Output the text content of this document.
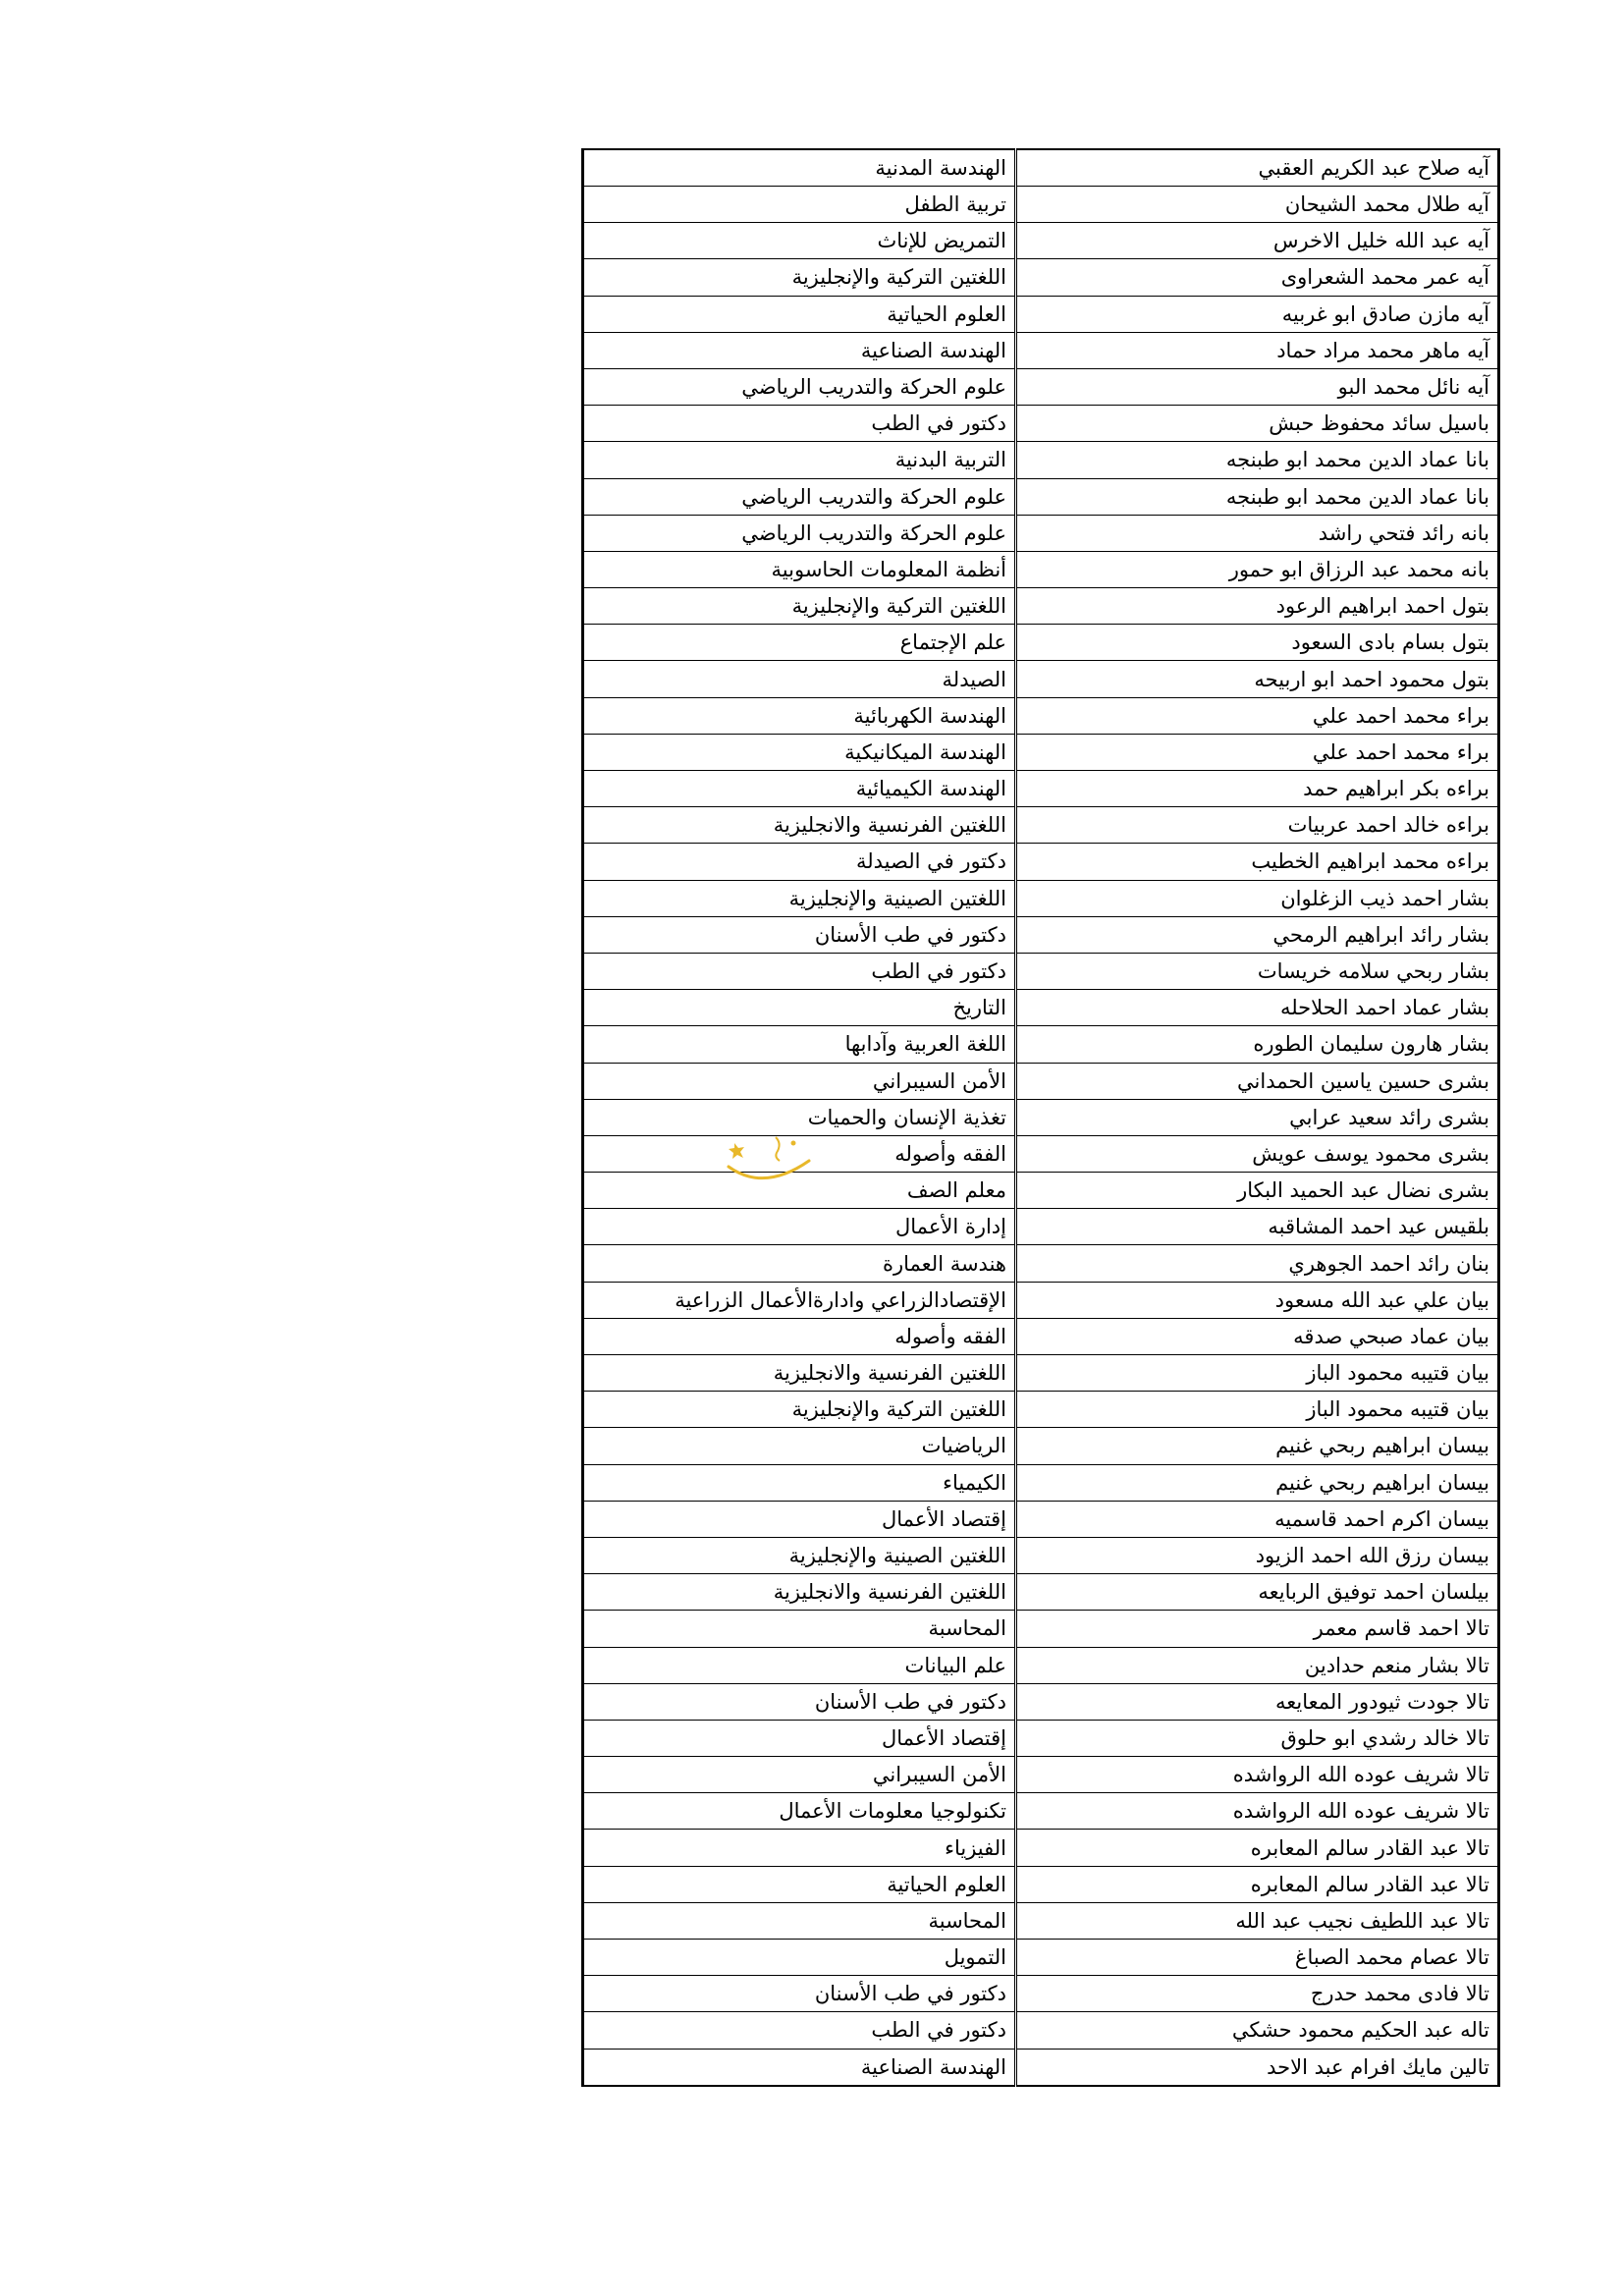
آيه صلاح عبد الكريم العقبي	الهندسة المدنية
آيه طلال محمد الشيحان	تربية الطفل
آيه عبد الله خليل الاخرس	التمريض للإناث
آيه عمر محمد الشعراوى	اللغتين التركية والإنجليزية
آيه مازن صادق ابو غربيه	العلوم الحياتية
آيه ماهر محمد مراد حماد	الهندسة الصناعية
آيه نائل محمد البو	علوم الحركة والتدريب الرياضي
باسيل سائد محفوظ حبش	دكتور في الطب
بانا عماد الدين محمد ابو طبنجه	التربية البدنية
بانا عماد الدين محمد ابو طبنجه	علوم الحركة والتدريب الرياضي
بانه رائد فتحي راشد	علوم الحركة والتدريب الرياضي
بانه محمد عبد الرزاق ابو حمور	أنظمة المعلومات الحاسوبية
بتول احمد ابراهيم الرعود	اللغتين التركية والإنجليزية
بتول بسام بادى السعود	علم الإجتماع
بتول محمود احمد ابو اربيحه	الصيدلة
براء محمد احمد علي	الهندسة الكهربائية
براء محمد احمد علي	الهندسة الميكانيكية
براءه بكر ابراهيم حمد	الهندسة الكيميائية
براءه خالد احمد عربيات	اللغتين الفرنسية والانجليزية
براءه محمد ابراهيم الخطيب	دكتور في الصيدلة
بشار احمد ذيب الزغلوان	اللغتين الصينية والإنجليزية
بشار رائد ابراهيم الرمحي	دكتور في طب الأسنان
بشار ربحي سلامه خريسات	دكتور في الطب
بشار عماد احمد الحلاحله	التاريخ
بشار هارون سليمان الطوره	اللغة العربية وآدابها
بشرى حسين ياسين الحمداني	الأمن السيبراني
بشرى رائد سعيد عرابي	تغذية الإنسان والحميات
بشرى محمود يوسف عويش	الفقه وأصوله
بشرى نضال عبد الحميد البكار	معلم الصف
بلقيس عيد احمد المشاقبه	إدارة الأعمال
بنان رائد احمد الجوهري	هندسة العمارة
بيان علي عبد الله مسعود	الإقتصادالزراعي وادارةالأعمال الزراعية
بيان عماد صبحي صدقه	الفقه وأصوله
بيان قتيبه محمود الباز	اللغتين الفرنسية والانجليزية
بيان قتيبه محمود الباز	اللغتين التركية والإنجليزية
بيسان ابراهيم ربحي غنيم	الرياضيات
بيسان ابراهيم ربحي غنيم	الكيمياء
بيسان اكرم احمد قاسميه	إقتصاد الأعمال
بيسان رزق الله احمد الزيود	اللغتين الصينية والإنجليزية
بيلسان احمد توفيق الربايعه	اللغتين الفرنسية والانجليزية
تالا احمد قاسم معمر	المحاسبة
تالا بشار منعم حدادين	علم البيانات
تالا جودت ثيودور المعايعه	دكتور في طب الأسنان
تالا خالد رشدي ابو حلوق	إقتصاد الأعمال
تالا شريف عوده الله الرواشده	الأمن السيبراني
تالا شريف عوده الله الرواشده	تكنولوجيا معلومات الأعمال
تالا عبد القادر سالم المعابره	الفيزياء
تالا عبد القادر سالم المعابره	العلوم الحياتية
تالا عبد اللطيف نجيب عبد الله	المحاسبة
تالا عصام محمد الصباغ	التمويل
تالا فادى محمد حدرج	دكتور في طب الأسنان
تاله عبد الحكيم محمود حشكي	دكتور في الطب
تالين مايك افرام عبد الاحد	الهندسة الصناعية
